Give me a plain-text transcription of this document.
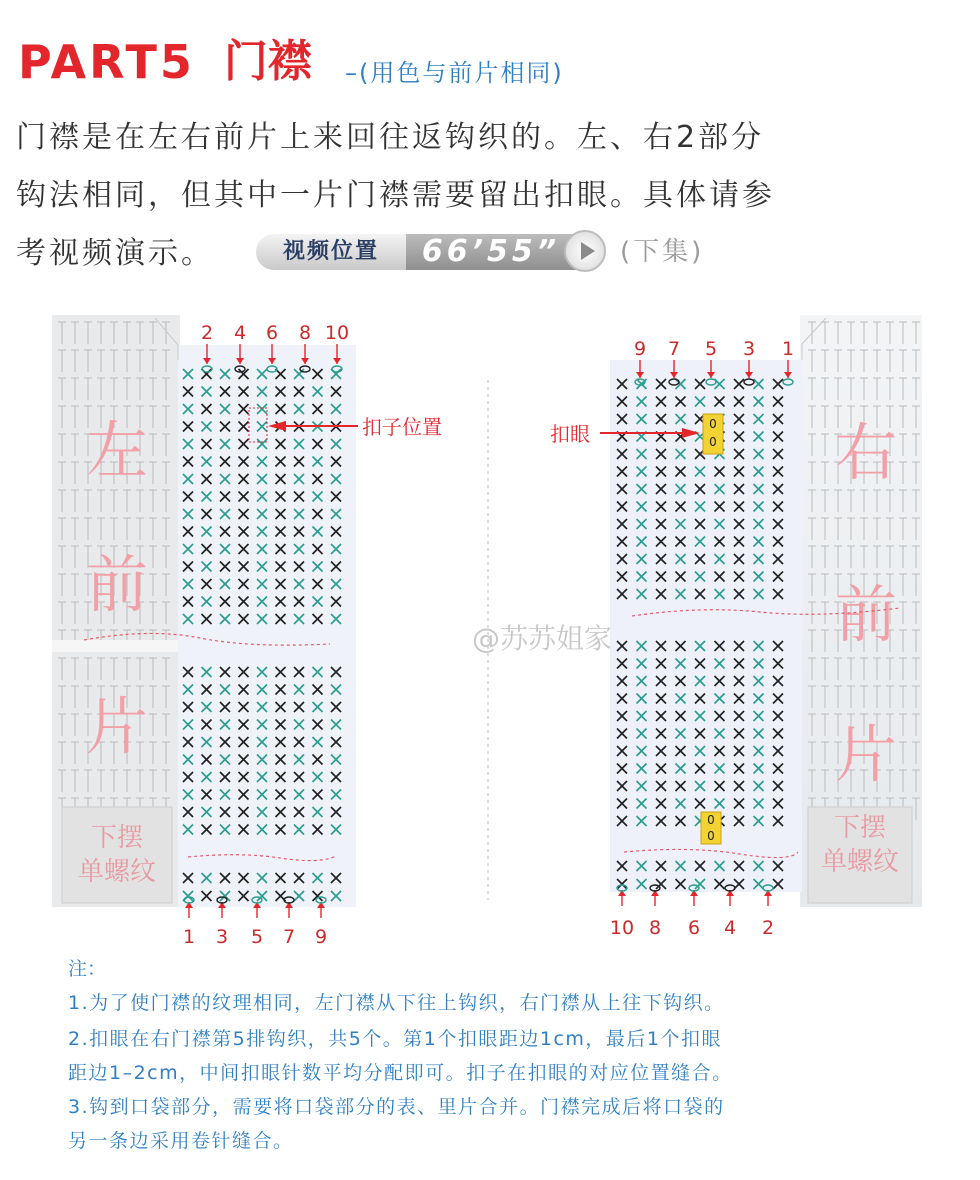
PART5 门襟 –(用色与前片相同)
门襟是在左右前片上来回往返钩织的。左、右2部分
钩法相同，但其中一片门襟需要留出扣眼。具体请参
考视频演示。	视频位置	66’55”	(下集)
下摆
单螺纹
左
前
片
扣子位置
2 4 6 8 10
1 3 5 7 9
下摆
单螺纹
右
前
片
0
0
0
0
扣眼
9 7 5 3 1
10 8 6 4 2
@苏苏姐家
注：
1.为了使门襟的纹理相同，左门襟从下往上钩织，右门襟从上往下钩织。
2.扣眼在右门襟第5排钩织，共5个。第1个扣眼距边1cm，最后1个扣眼
距边1–2cm，中间扣眼针数平均分配即可。扣子在扣眼的对应位置缝合。
3.钩到口袋部分，需要将口袋部分的表、里片合并。门襟完成后将口袋的
另一条边采用卷针缝合。
